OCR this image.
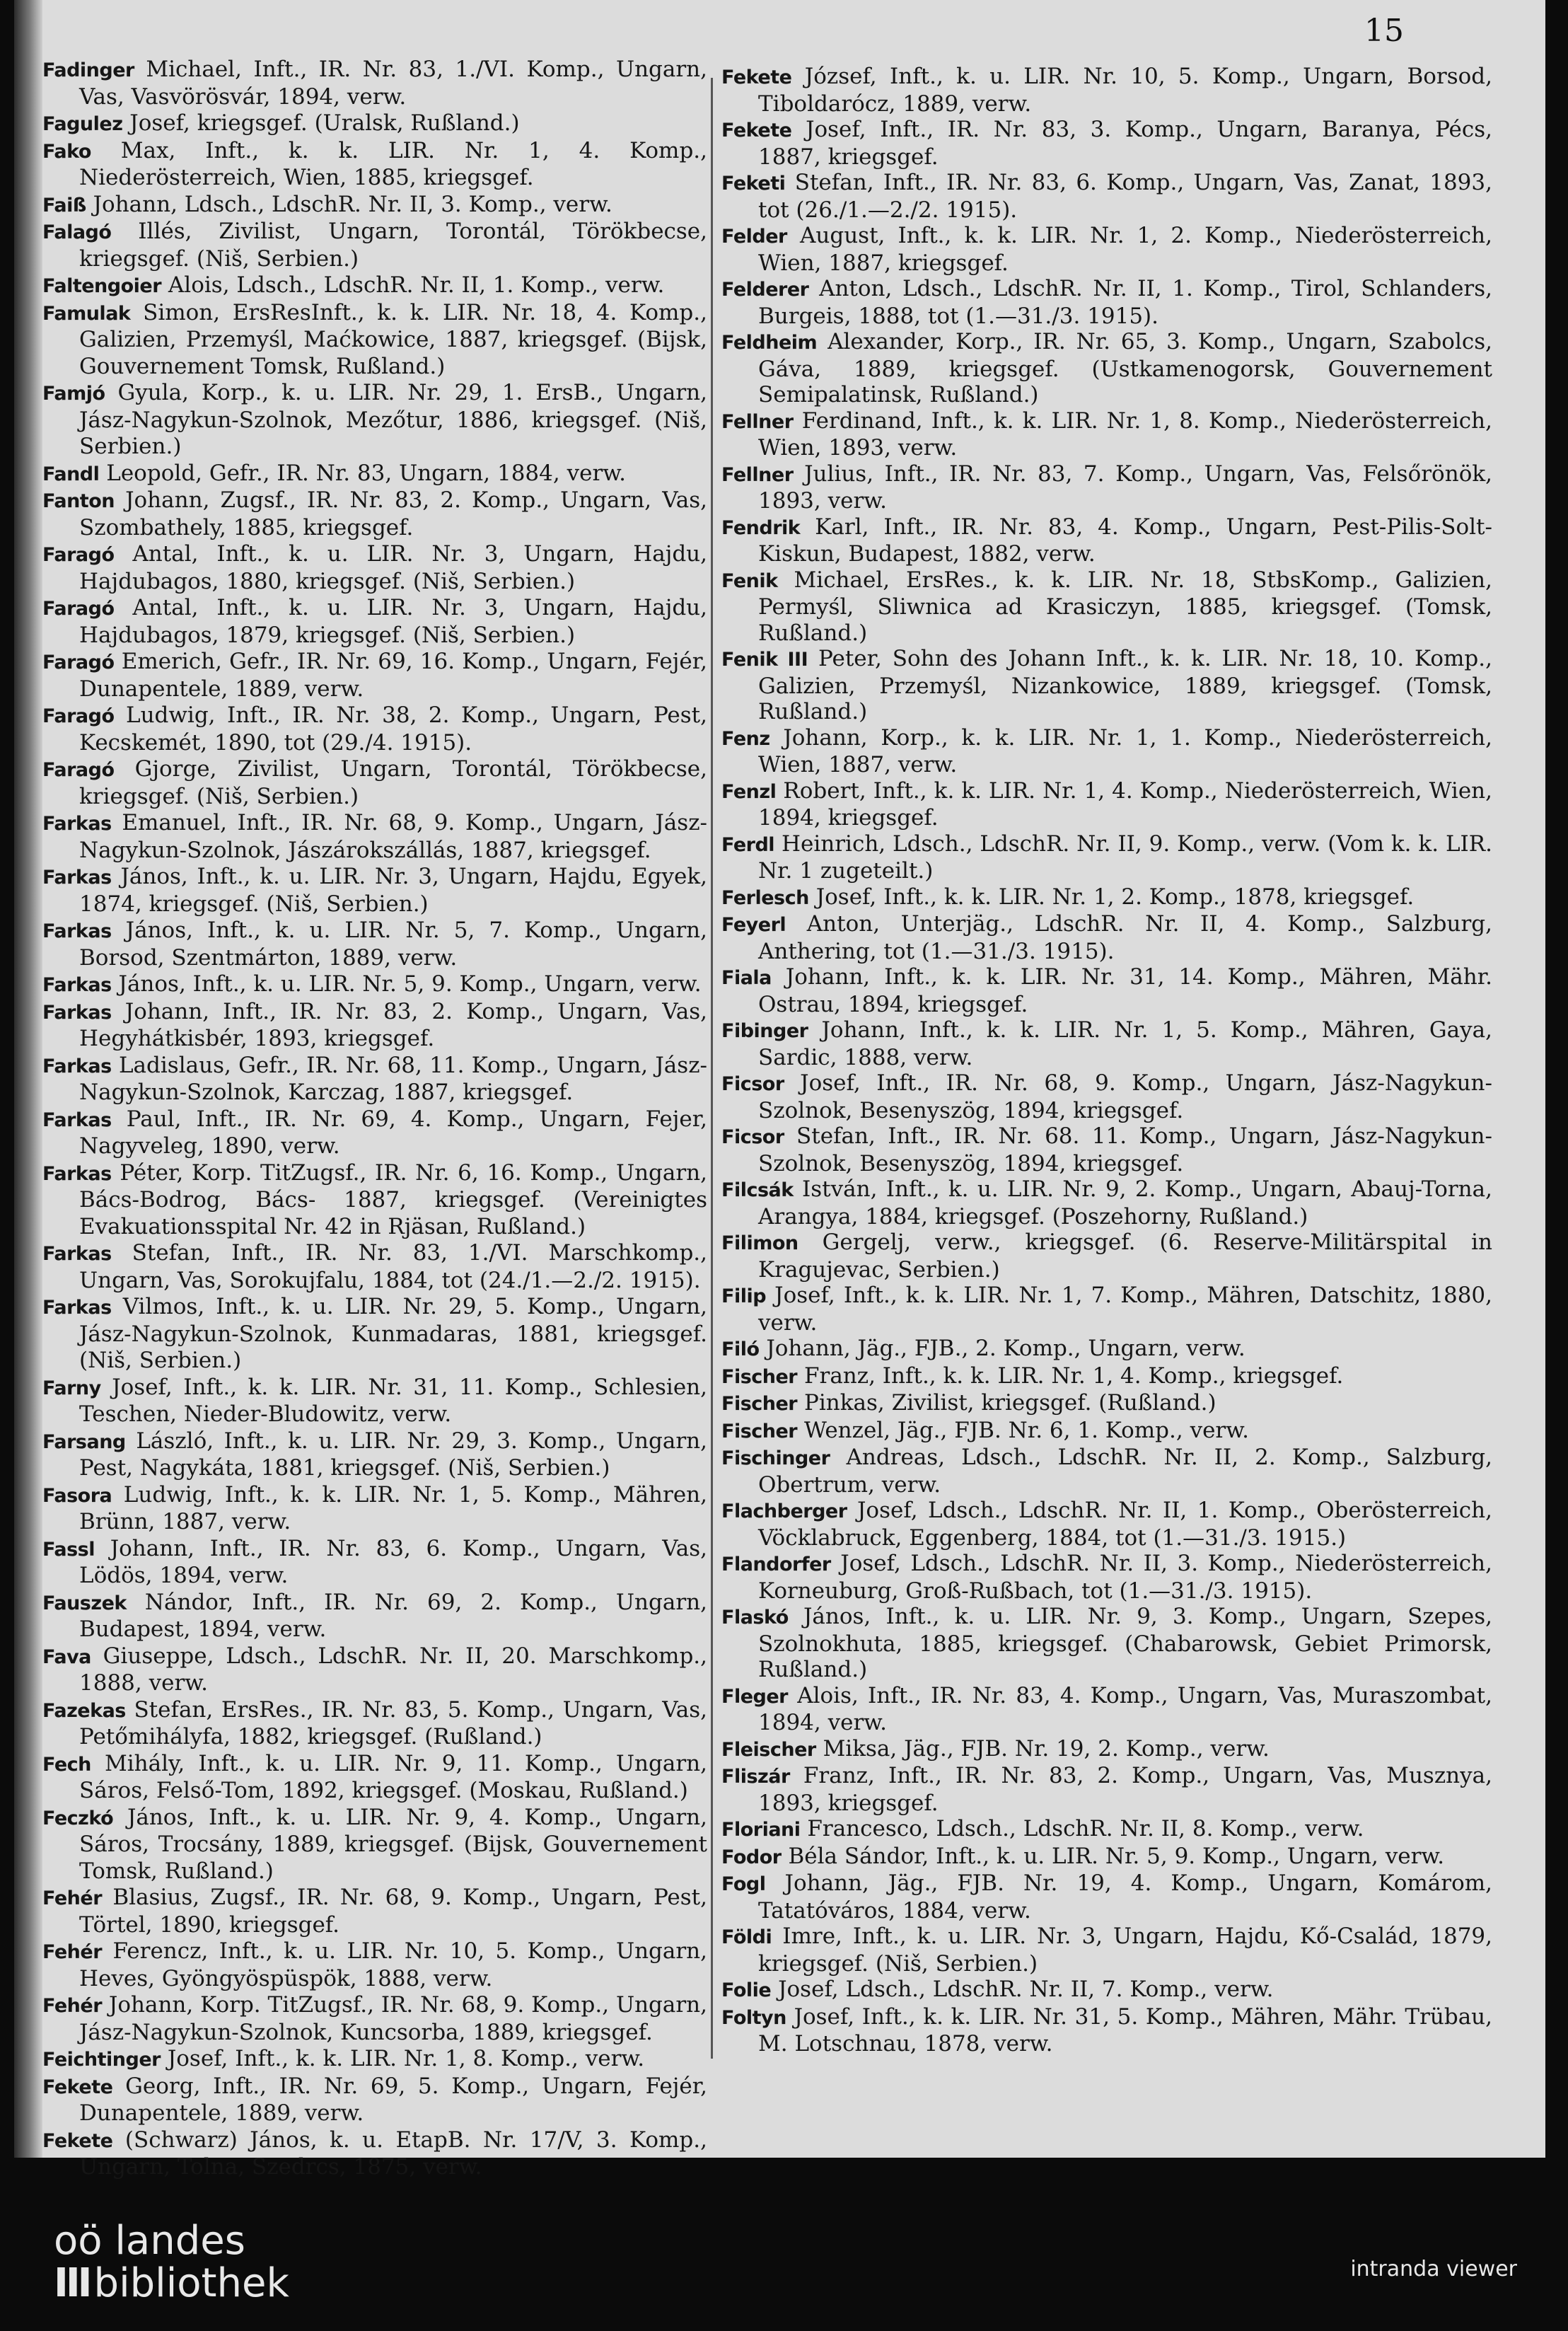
15
Fadinger Michael, Inft., IR. Nr. 83, 1./VI. Komp., Ungarn, Vas, Vasvörösvár, 1894, verw.
Fagulez Josef, kriegsgef. (Uralsk, Rußland.)
Fako Max, Inft., k. k. LIR. Nr. 1, 4. Komp., Niederösterreich, Wien, 1885, kriegsgef.
Faiß Johann, Ldsch., LdschR. Nr. II, 3. Komp., verw.
Falagó Illés, Zivilist, Ungarn, Torontál, Törökbecse, kriegsgef. (Niš, Serbien.)
Faltengoier Alois, Ldsch., LdschR. Nr. II, 1. Komp., verw.
Famulak Simon, ErsResInft., k. k. LIR. Nr. 18, 4. Komp., Galizien, Przemyśl, Maćkowice, 1887, kriegsgef. (Bijsk, Gouvernement Tomsk, Rußland.)
Famjó Gyula, Korp., k. u. LIR. Nr. 29, 1. ErsB., Ungarn, Jász-Nagykun-Szolnok, Mezőtur, 1886, kriegsgef. (Niš, Serbien.)
Fandl Leopold, Gefr., IR. Nr. 83, Ungarn, 1884, verw.
Fanton Johann, Zugsf., IR. Nr. 83, 2. Komp., Ungarn, Vas, Szombathely, 1885, kriegsgef.
Faragó Antal, Inft., k. u. LIR. Nr. 3, Ungarn, Hajdu, Hajdubagos, 1880, kriegsgef. (Niš, Serbien.)
Faragó Antal, Inft., k. u. LIR. Nr. 3, Ungarn, Hajdu, Hajdubagos, 1879, kriegsgef. (Niš, Serbien.)
Faragó Emerich, Gefr., IR. Nr. 69, 16. Komp., Ungarn, Fejér, Dunapentele, 1889, verw.
Faragó Ludwig, Inft., IR. Nr. 38, 2. Komp., Ungarn, Pest, Kecskemét, 1890, tot (29./4. 1915).
Faragó Gjorge, Zivilist, Ungarn, Torontál, Törökbecse, kriegsgef. (Niš, Serbien.)
Farkas Emanuel, Inft., IR. Nr. 68, 9. Komp., Ungarn, Jász-Nagykun-Szolnok, Jászárokszállás, 1887, kriegsgef.
Farkas János, Inft., k. u. LIR. Nr. 3, Ungarn, Hajdu, Egyek, 1874, kriegsgef. (Niš, Serbien.)
Farkas János, Inft., k. u. LIR. Nr. 5, 7. Komp., Ungarn, Borsod, Szentmárton, 1889, verw.
Farkas János, Inft., k. u. LIR. Nr. 5, 9. Komp., Ungarn, verw.
Farkas Johann, Inft., IR. Nr. 83, 2. Komp., Ungarn, Vas, Hegyhátkisbér, 1893, kriegsgef.
Farkas Ladislaus, Gefr., IR. Nr. 68, 11. Komp., Ungarn, Jász-Nagykun-Szolnok, Karczag, 1887, kriegsgef.
Farkas Paul, Inft., IR. Nr. 69, 4. Komp., Ungarn, Fejer, Nagyveleg, 1890, verw.
Farkas Péter, Korp. TitZugsf., IR. Nr. 6, 16. Komp., Ungarn, Bács-Bodrog, Bács- 1887, kriegsgef. (Vereinigtes Evakuationsspital Nr. 42 in Rjäsan, Rußland.)
Farkas Stefan, Inft., IR. Nr. 83, 1./VI. Marschkomp., Ungarn, Vas, Sorokujfalu, 1884, tot (24./1.—2./2. 1915).
Farkas Vilmos, Inft., k. u. LIR. Nr. 29, 5. Komp., Ungarn, Jász-Nagykun-Szolnok, Kunmadaras, 1881, kriegsgef. (Niš, Serbien.)
Farny Josef, Inft., k. k. LIR. Nr. 31, 11. Komp., Schlesien, Teschen, Nieder-Bludowitz, verw.
Farsang László, Inft., k. u. LIR. Nr. 29, 3. Komp., Ungarn, Pest, Nagykáta, 1881, kriegsgef. (Niš, Serbien.)
Fasora Ludwig, Inft., k. k. LIR. Nr. 1, 5. Komp., Mähren, Brünn, 1887, verw.
Fassl Johann, Inft., IR. Nr. 83, 6. Komp., Ungarn, Vas, Lödös, 1894, verw.
Fauszek Nándor, Inft., IR. Nr. 69, 2. Komp., Ungarn, Budapest, 1894, verw.
Fava Giuseppe, Ldsch., LdschR. Nr. II, 20. Marschkomp., 1888, verw.
Fazekas Stefan, ErsRes., IR. Nr. 83, 5. Komp., Ungarn, Vas, Petőmihályfa, 1882, kriegsgef. (Rußland.)
Fech Mihály, Inft., k. u. LIR. Nr. 9, 11. Komp., Ungarn, Sáros, Felső-Tom, 1892, kriegsgef. (Moskau, Rußland.)
Feczkó János, Inft., k. u. LIR. Nr. 9, 4. Komp., Ungarn, Sáros, Trocsány, 1889, kriegsgef. (Bijsk, Gouvernement Tomsk, Rußland.)
Fehér Blasius, Zugsf., IR. Nr. 68, 9. Komp., Ungarn, Pest, Törtel, 1890, kriegsgef.
Fehér Ferencz, Inft., k. u. LIR. Nr. 10, 5. Komp., Ungarn, Heves, Gyöngyöspüspök, 1888, verw.
Fehér Johann, Korp. TitZugsf., IR. Nr. 68, 9. Komp., Ungarn, Jász-Nagykun-Szolnok, Kuncsorba, 1889, kriegsgef.
Feichtinger Josef, Inft., k. k. LIR. Nr. 1, 8. Komp., verw.
Fekete Georg, Inft., IR. Nr. 69, 5. Komp., Ungarn, Fejér, Dunapentele, 1889, verw.
Fekete (Schwarz) János, k. u. EtapB. Nr. 17/V, 3. Komp., Ungarn, Tolna, Szedrcs, 1875, verw.
Fekete József, Inft., k. u. LIR. Nr. 10, 5. Komp., Ungarn, Borsod, Tiboldarócz, 1889, verw.
Fekete Josef, Inft., IR. Nr. 83, 3. Komp., Ungarn, Baranya, Pécs, 1887, kriegsgef.
Feketi Stefan, Inft., IR. Nr. 83, 6. Komp., Ungarn, Vas, Zanat, 1893, tot (26./1.—2./2. 1915).
Felder August, Inft., k. k. LIR. Nr. 1, 2. Komp., Niederösterreich, Wien, 1887, kriegsgef.
Felderer Anton, Ldsch., LdschR. Nr. II, 1. Komp., Tirol, Schlanders, Burgeis, 1888, tot (1.—31./3. 1915).
Feldheim Alexander, Korp., IR. Nr. 65, 3. Komp., Ungarn, Szabolcs, Gáva, 1889, kriegsgef. (Ustkamenogorsk, Gouvernement Semipalatinsk, Rußland.)
Fellner Ferdinand, Inft., k. k. LIR. Nr. 1, 8. Komp., Niederösterreich, Wien, 1893, verw.
Fellner Julius, Inft., IR. Nr. 83, 7. Komp., Ungarn, Vas, Felsőrönök, 1893, verw.
Fendrik Karl, Inft., IR. Nr. 83, 4. Komp., Ungarn, Pest-Pilis-Solt-Kiskun, Budapest, 1882, verw.
Fenik Michael, ErsRes., k. k. LIR. Nr. 18, StbsKomp., Galizien, Permyśl, Sliwnica ad Krasiczyn, 1885, kriegsgef. (Tomsk, Rußland.)
Fenik III Peter, Sohn des Johann Inft., k. k. LIR. Nr. 18, 10. Komp., Galizien, Przemyśl, Nizankowice, 1889, kriegsgef. (Tomsk, Rußland.)
Fenz Johann, Korp., k. k. LIR. Nr. 1, 1. Komp., Niederösterreich, Wien, 1887, verw.
Fenzl Robert, Inft., k. k. LIR. Nr. 1, 4. Komp., Niederösterreich, Wien, 1894, kriegsgef.
Ferdl Heinrich, Ldsch., LdschR. Nr. II, 9. Komp., verw. (Vom k. k. LIR. Nr. 1 zugeteilt.)
Ferlesch Josef, Inft., k. k. LIR. Nr. 1, 2. Komp., 1878, kriegsgef.
Feyerl Anton, Unterjäg., LdschR. Nr. II, 4. Komp., Salzburg, Anthering, tot (1.—31./3. 1915).
Fiala Johann, Inft., k. k. LIR. Nr. 31, 14. Komp., Mähren, Mähr. Ostrau, 1894, kriegsgef.
Fibinger Johann, Inft., k. k. LIR. Nr. 1, 5. Komp., Mähren, Gaya, Sardic, 1888, verw.
Ficsor Josef, Inft., IR. Nr. 68, 9. Komp., Ungarn, Jász-Nagykun-Szolnok, Besenyszög, 1894, kriegsgef.
Ficsor Stefan, Inft., IR. Nr. 68. 11. Komp., Ungarn, Jász-Nagykun-Szolnok, Besenyszög, 1894, kriegsgef.
Filcsák István, Inft., k. u. LIR. Nr. 9, 2. Komp., Ungarn, Abauj-Torna, Arangya, 1884, kriegsgef. (Poszehorny, Rußland.)
Filimon Gergelj, verw., kriegsgef. (6. Reserve-Militärspital in Kragujevac, Serbien.)
Filip Josef, Inft., k. k. LIR. Nr. 1, 7. Komp., Mähren, Datschitz, 1880, verw.
Filó Johann, Jäg., FJB., 2. Komp., Ungarn, verw.
Fischer Franz, Inft., k. k. LIR. Nr. 1, 4. Komp., kriegsgef.
Fischer Pinkas, Zivilist, kriegsgef. (Rußland.)
Fischer Wenzel, Jäg., FJB. Nr. 6, 1. Komp., verw.
Fischinger Andreas, Ldsch., LdschR. Nr. II, 2. Komp., Salzburg, Obertrum, verw.
Flachberger Josef, Ldsch., LdschR. Nr. II, 1. Komp., Oberösterreich, Vöcklabruck, Eggenberg, 1884, tot (1.—31./3. 1915.)
Flandorfer Josef, Ldsch., LdschR. Nr. II, 3. Komp., Niederösterreich, Korneuburg, Groß-Rußbach, tot (1.—31./3. 1915).
Flaskó János, Inft., k. u. LIR. Nr. 9, 3. Komp., Ungarn, Szepes, Szolnokhuta, 1885, kriegsgef. (Chabarowsk, Gebiet Primorsk, Rußland.)
Fleger Alois, Inft., IR. Nr. 83, 4. Komp., Ungarn, Vas, Muraszombat, 1894, verw.
Fleischer Miksa, Jäg., FJB. Nr. 19, 2. Komp., verw.
Fliszár Franz, Inft., IR. Nr. 83, 2. Komp., Ungarn, Vas, Musznya, 1893, kriegsgef.
Floriani Francesco, Ldsch., LdschR. Nr. II, 8. Komp., verw.
Fodor Béla Sándor, Inft., k. u. LIR. Nr. 5, 9. Komp., Ungarn, verw.
Fogl Johann, Jäg., FJB. Nr. 19, 4. Komp., Ungarn, Komárom, Tatatóváros, 1884, verw.
Földi Imre, Inft., k. u. LIR. Nr. 3, Ungarn, Hajdu, Kő-Család, 1879, kriegsgef. (Niš, Serbien.)
Folie Josef, Ldsch., LdschR. Nr. II, 7. Komp., verw.
Foltyn Josef, Inft., k. k. LIR. Nr. 31, 5. Komp., Mähren, Mähr. Trübau, M. Lotschnau, 1878, verw.
oö landes
III bibliothek	intranda viewer
